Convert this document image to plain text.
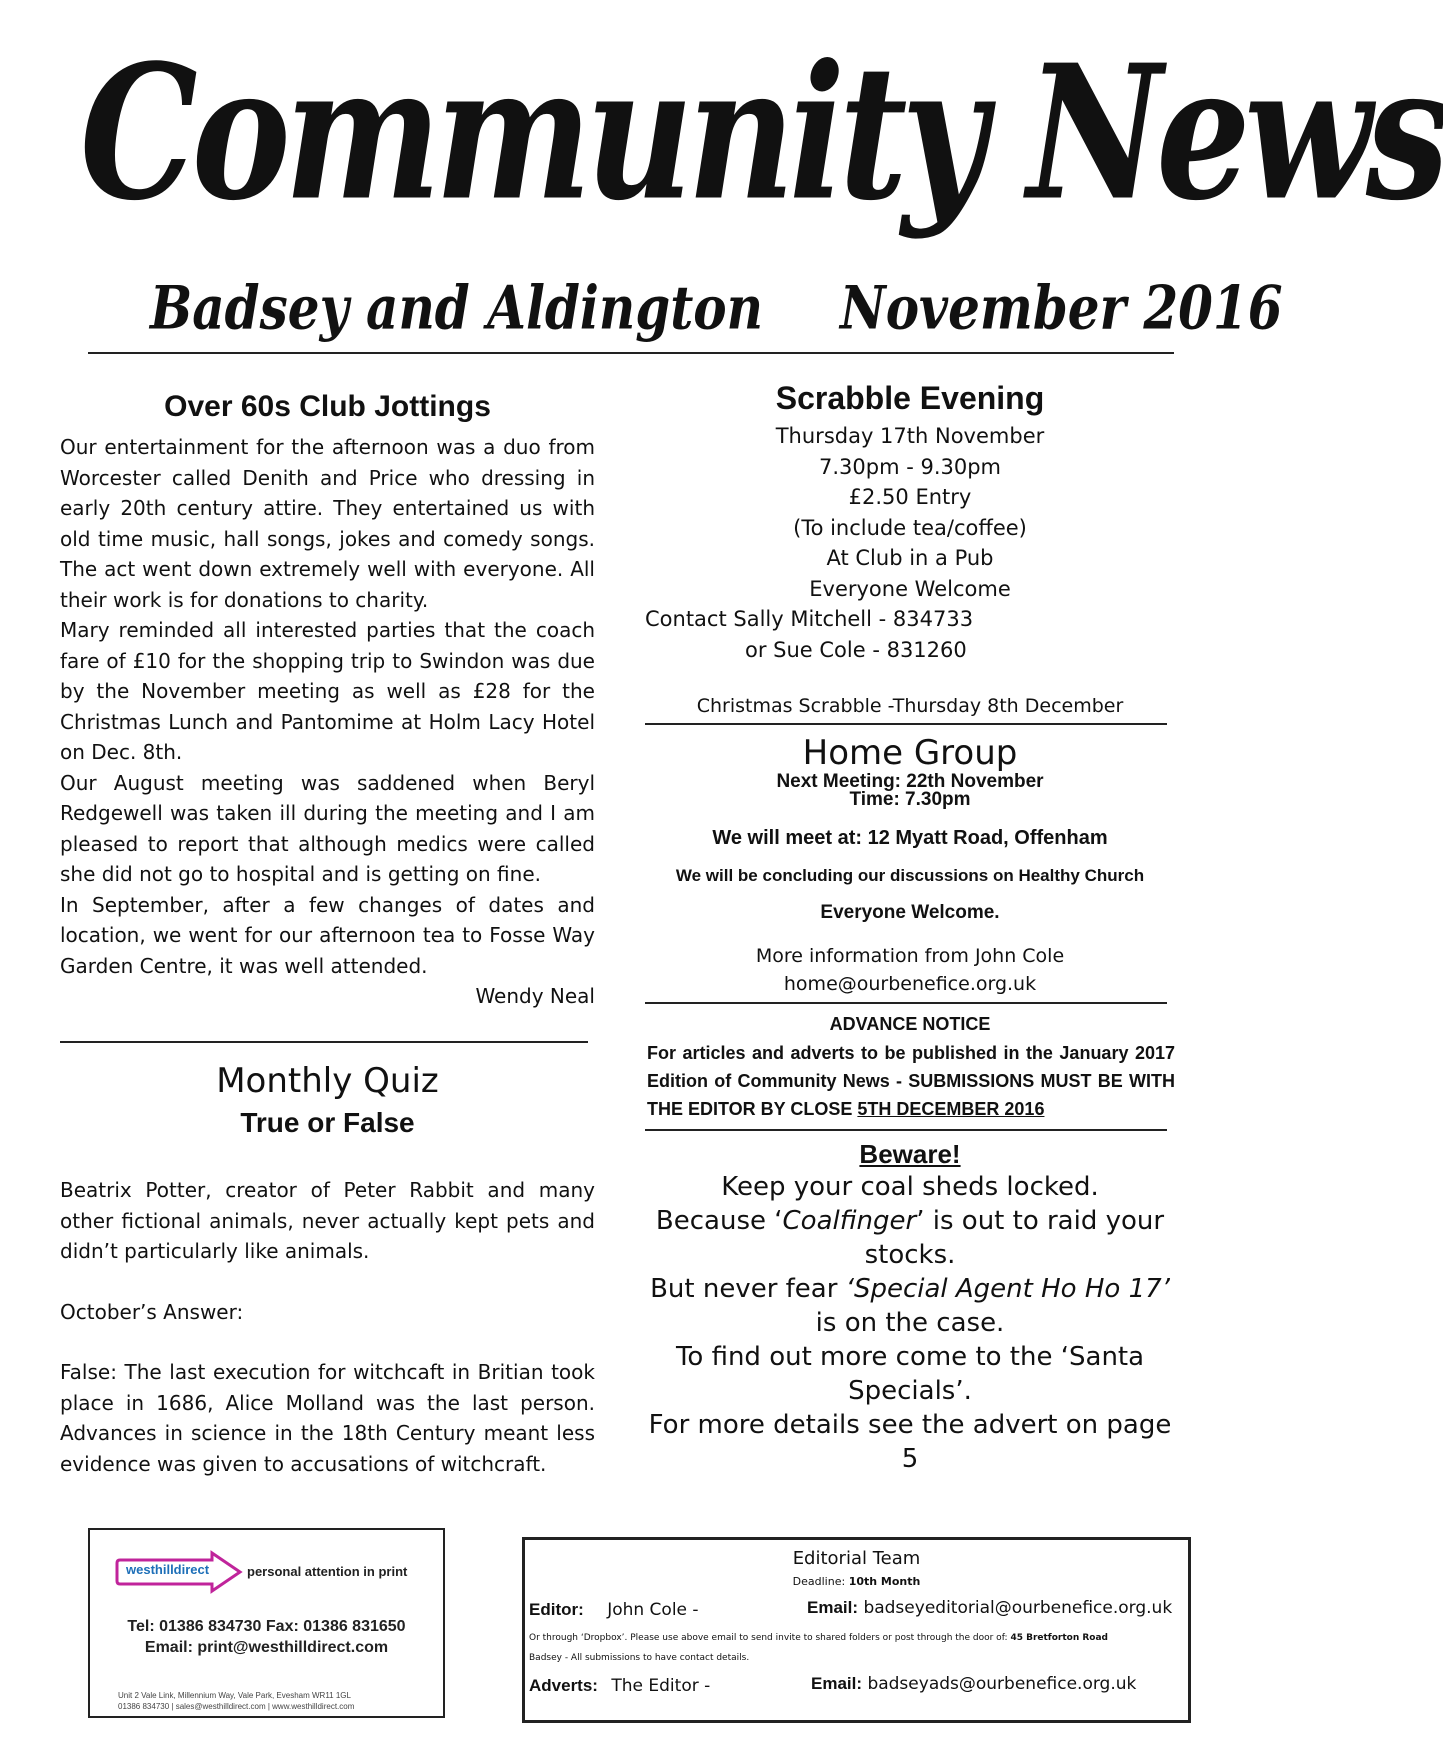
Community News
Badsey and Aldington November 2016
Over 60s Club Jottings

Our entertainment for the afternoon was a duo from Worcester called Denith and Price who dressing in early 20th century attire. They entertained us with old time music, hall songs, jokes and comedy songs. The act went down extremely well with everyone. All their work is for donations to charity.

Mary reminded all interested parties that the coach fare of £10 for the shopping trip to Swindon was due by the November meeting as well as £28 for the Christmas Lunch and Pantomime at Holm Lacy Hotel on Dec. 8th.

Our August meeting was saddened when Beryl Redgewell was taken ill during the meeting and I am pleased to report that although medics were called she did not go to hospital and is getting on fine.

In September, after a few changes of dates and location, we went for our afternoon tea to Fosse Way Garden Centre, it was well attended.

Wendy Neal
Monthly Quiz
True or False

Beatrix Potter, creator of Peter Rabbit and many other fictional animals, never actually kept pets and didn’t particularly like animals.

October’s Answer:

False: The last execution for witchcaft in Britian took place in 1686, Alice Molland was the last person. Advances in science in the 18th Century meant less evidence was given to accusations of witchcraft.

Scrabble Evening
Thursday 17th November
7.30pm - 9.30pm
£2.50 Entry
(To include tea/coffee)
At Club in a Pub
Everyone Welcome
Contact Sally Mitchell - 834733
or Sue Cole - 831260
Christmas Scrabble -Thursday 8th December
Home Group
Next Meeting: 22th November
Time: 7.30pm
We will meet at: 12 Myatt Road, Offenham
We will be concluding our discussions on Healthy Church
Everyone Welcome.
More information from John Cole
home@ourbenefice.org.uk
ADVANCE NOTICE
For articles and adverts to be published in the January 2017 Edition of Community News - SUBMISSIONS MUST BE WITH THE EDITOR BY CLOSE 5TH DECEMBER 2016
Beware!
Keep your coal sheds locked.
Because ‘Coalfinger’ is out to raid your stocks.
But never fear ‘Special Agent Ho Ho 17’ is on the case.
To find out more come to the ‘Santa Specials’.
For more details see the advert on page 5
westhilldirect	personal attention in print
Tel: 01386 834730 Fax: 01386 831650
Email: print@westhilldirect.com
Unit 2 Vale Link, Millennium Way, Vale Park, Evesham WR11 1GL
01386 834730 | sales@westhilldirect.com | www.westhilldirect.com
Editorial Team
Deadline: 10th Month
Editor: John Cole -	Email: badseyeditorial@ourbenefice.org.uk
Or through ‘Dropbox’. Please use above email to send invite to shared folders or post through the door of: 45 Bretforton Road
Badsey - All submissions to have contact details.
Adverts: The Editor -	Email: badseyads@ourbenefice.org.uk
